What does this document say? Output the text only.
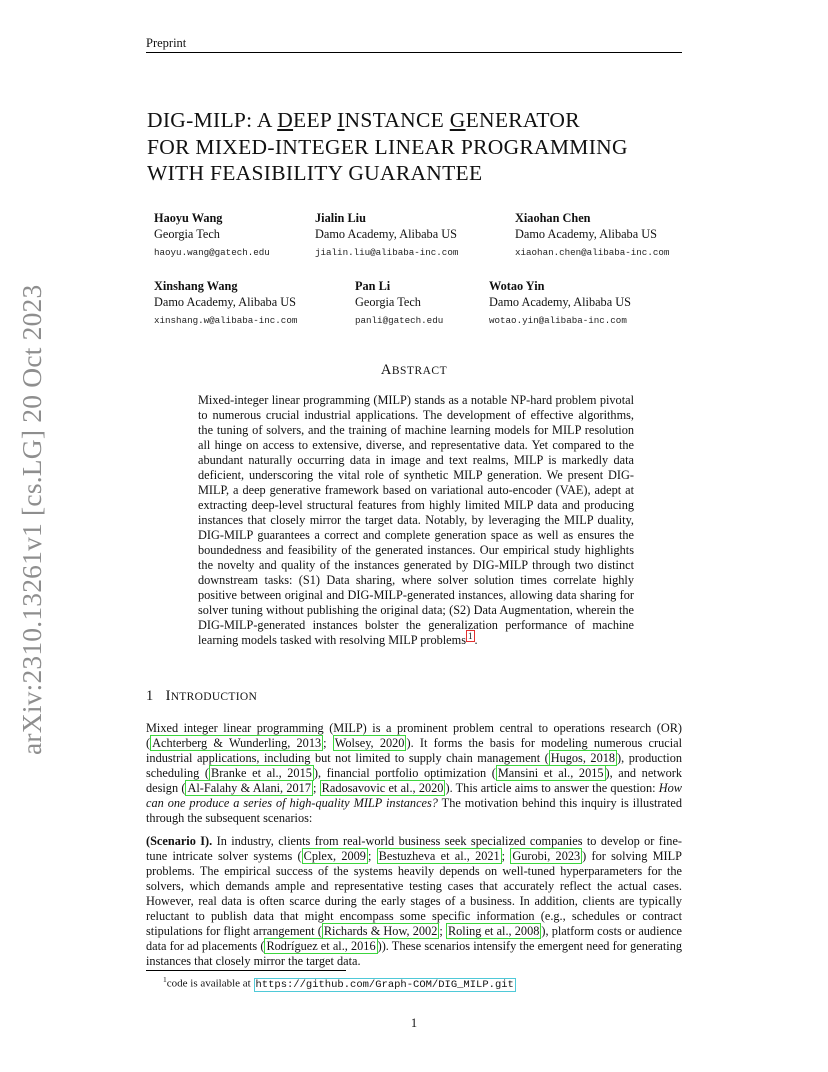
Preprint
arXiv:2310.13261v1 [cs.LG] 20 Oct 2023
DIG-MILP: A DEEP INSTANCE GENERATOR
FOR MIXED-INTEGER LINEAR PROGRAMMING
WITH FEASIBILITY GUARANTEE
Haoyu Wang
Georgia Tech
haoyu.wang@gatech.edu
Jialin Liu
Damo Academy, Alibaba US
jialin.liu@alibaba-inc.com
Xiaohan Chen
Damo Academy, Alibaba US
xiaohan.chen@alibaba-inc.com
Xinshang Wang
Damo Academy, Alibaba US
xinshang.w@alibaba-inc.com
Pan Li
Georgia Tech
panli@gatech.edu
Wotao Yin
Damo Academy, Alibaba US
wotao.yin@alibaba-inc.com
ABSTRACT
Mixed-integer linear programming (MILP) stands as a notable NP-hard problem pivotal to numerous crucial industrial applications. The development of effective algorithms, the tuning of solvers, and the training of machine learning models for MILP resolution all hinge on access to extensive, diverse, and representative data. Yet compared to the abundant naturally occurring data in image and text realms, MILP is markedly data deficient, underscoring the vital role of synthetic MILP generation. We present DIG-MILP, a deep generative framework based on variational auto-encoder (VAE), adept at extracting deep-level structural features from highly limited MILP data and producing instances that closely mirror the target data. Notably, by leveraging the MILP duality, DIG-MILP guarantees a correct and complete generation space as well as ensures the boundedness and feasibility of the generated instances. Our empirical study highlights the novelty and quality of the instances generated by DIG-MILP through two distinct downstream tasks: (S1) Data sharing, where solver solution times correlate highly positive between original and DIG-MILP-generated instances, allowing data sharing for solver tuning without publishing the original data; (S2) Data Augmentation, wherein the DIG-MILP-generated instances bolster the generalization performance of machine learning models tasked with resolving MILP problems $^1$ .
1 INTRODUCTION
Mixed integer linear programming (MILP) is a prominent problem central to operations research (OR) ( Achterberg & Wunderling, 2013 ; Wolsey, 2020 ). It forms the basis for modeling numerous crucial industrial applications, including but not limited to supply chain management ( Hugos, 2018 ), production scheduling ( Branke et al., 2015 ), financial portfolio optimization ( Mansini et al., 2015 ), and network design ( Al-Falahy & Alani, 2017 ; Radosavovic et al., 2020 ). This article aims to answer the question: How can one produce a series of high-quality MILP instances? The motivation behind this inquiry is illustrated through the subsequent scenarios:
(Scenario I). In industry, clients from real-world business seek specialized companies to develop or fine-tune intricate solver systems ( Cplex, 2009 ; Bestuzheva et al., 2021 ; Gurobi, 2023 ) for solving MILP problems. The empirical success of the systems heavily depends on well-tuned hyperparameters for the solvers, which demands ample and representative testing cases that accurately reflect the actual cases. However, real data is often scarce during the early stages of a business. In addition, clients are typically reluctant to publish data that might encompass some specific information (e.g., schedules or contract stipulations for flight arrangement ( Richards & How, 2002 ; Roling et al., 2008 ), platform costs or audience data for ad placements ( Rodríguez et al., 2016 )). These scenarios intensify the emergent need for generating instances that closely mirror the target data.
$^1$code is available at https://github.com/Graph-COM/DIG_MILP.git
1
